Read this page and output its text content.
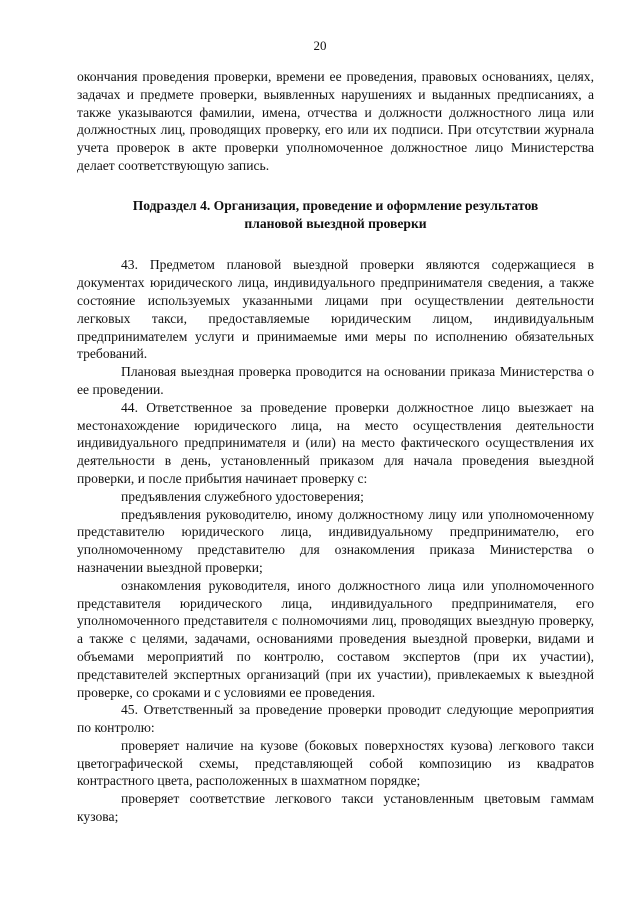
20

окончания проведения проверки, времени ее проведения, правовых основаниях, целях, задачах и предмете проверки, выявленных нарушениях и выданных предписаниях, а также указываются фамилии, имена, отчества и должности должностного лица или должностных лиц, проводящих проверку, его или их подписи. При отсутствии журнала учета проверок в акте проверки уполномоченное должностное лицо Министерства делает соответствующую запись.

Подраздел 4. Организация, проведение и оформление результатов
плановой выездной проверки

43. Предметом плановой выездной проверки являются содержащиеся в документах юридического лица, индивидуального предпринимателя сведения, а также состояние используемых указанными лицами при осуществлении деятельности легковых такси, предоставляемые юридическим лицом, индивидуальным предпринимателем услуги и принимаемые ими меры по исполнению обязательных требований.

Плановая выездная проверка проводится на основании приказа Министерства о ее проведении.

44. Ответственное за проведение проверки должностное лицо выезжает на местонахождение юридического лица, на место осуществления деятельности индивидуального предпринимателя и (или) на место фактического осуществления их деятельности в день, установленный приказом для начала проведения выездной проверки, и после прибытия начинает проверку с:

предъявления служебного удостоверения;

предъявления руководителю, иному должностному лицу или уполномоченному представителю юридического лица, индивидуальному предпринимателю, его уполномоченному представителю для ознакомления приказа Министерства о назначении выездной проверки;

ознакомления руководителя, иного должностного лица или уполномоченного представителя юридического лица, индивидуального предпринимателя, его уполномоченного представителя с полномочиями лиц, проводящих выездную проверку, а также с целями, задачами, основаниями проведения выездной проверки, видами и объемами мероприятий по контролю, составом экспертов (при их участии), представителей экспертных организаций (при их участии), привлекаемых к выездной проверке, со сроками и с условиями ее проведения.

45. Ответственный за проведение проверки проводит следующие мероприятия по контролю:

проверяет наличие на кузове (боковых поверхностях кузова) легкового такси цветографической схемы, представляющей собой композицию из квадратов контрастного цвета, расположенных в шахматном порядке;

проверяет соответствие легкового такси установленным цветовым гаммам кузова;
